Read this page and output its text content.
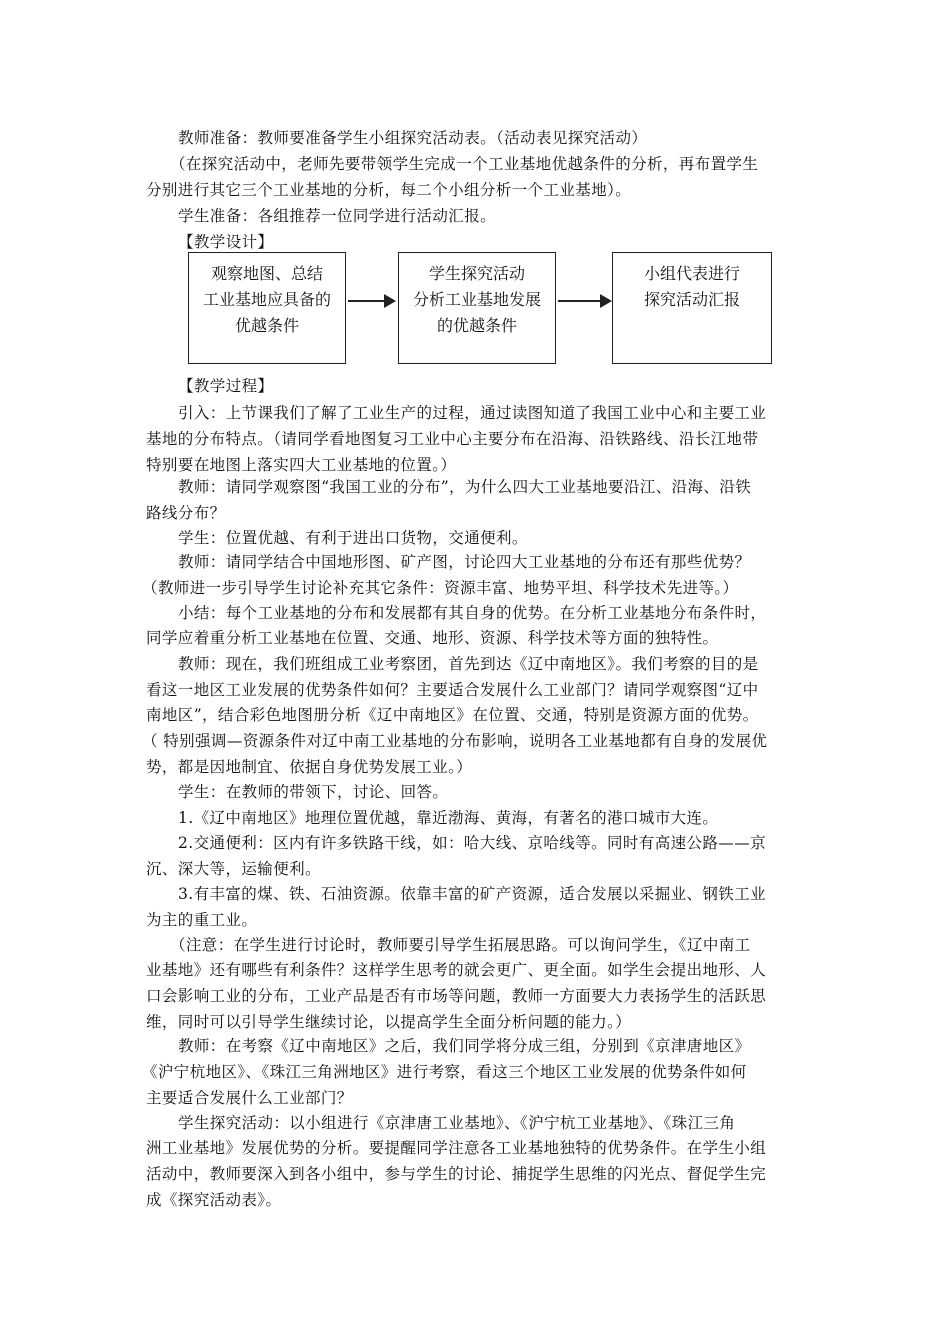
教师准备：教师要准备学生小组探究活动表。（活动表见探究活动）
（在探究活动中，老师先要带领学生完成一个工业基地优越条件的分析，再布置学生
分别进行其它三个工业基地的分析，每二个小组分析一个工业基地）。
学生准备：各组推荐一位同学进行活动汇报。
【教学设计】
观察地图、总结
工业基地应具备的
优越条件
学生探究活动
分析工业基地发展
的优越条件
小组代表进行
探究活动汇报
【教学过程】
引入：上节课我们了解了工业生产的过程，通过读图知道了我国工业中心和主要工业
基地的分布特点。（请同学看地图复习工业中心主要分布在沿海、沿铁路线、沿长江地带
特别要在地图上落实四大工业基地的位置。）
教师：请同学观察图“我国工业的分布”，为什么四大工业基地要沿江、沿海、沿铁
路线分布？
学生：位置优越、有利于进出口货物，交通便利。
教师：请同学结合中国地形图、矿产图，讨论四大工业基地的分布还有那些优势？
（教师进一步引导学生讨论补充其它条件：资源丰富、地势平坦、科学技术先进等。）
小结：每个工业基地的分布和发展都有其自身的优势。在分析工业基地分布条件时，
同学应着重分析工业基地在位置、交通、地形、资源、科学技术等方面的独特性。
教师：现在，我们班组成工业考察团，首先到达《辽中南地区》。我们考察的目的是
看这一地区工业发展的优势条件如何？主要适合发展什么工业部门？请同学观察图“辽中
南地区”，结合彩色地图册分析《辽中南地区》在位置、交通，特别是资源方面的优势。
（ 特别强调—资源条件对辽中南工业基地的分布影响，说明各工业基地都有自身的发展优
势，都是因地制宜、依据自身优势发展工业。）
学生：在教师的带领下，讨论、回答。
1.《辽中南地区》地理位置优越，靠近渤海、黄海，有著名的港口城市大连。
2.交通便利：区内有许多铁路干线，如：哈大线、京哈线等。同时有高速公路——京
沉、深大等，运输便利。
3.有丰富的煤、铁、石油资源。依靠丰富的矿产资源，适合发展以采掘业、钢铁工业
为主的重工业。
（注意：在学生进行讨论时，教师要引导学生拓展思路。可以询问学生，《辽中南工
业基地》还有哪些有利条件？这样学生思考的就会更广、更全面。如学生会提出地形、人
口会影响工业的分布，工业产品是否有市场等问题，教师一方面要大力表扬学生的活跃思
维，同时可以引导学生继续讨论，以提高学生全面分析问题的能力。）
教师：在考察《辽中南地区》之后，我们同学将分成三组，分别到《京津唐地区》
《沪宁杭地区》、《珠江三角洲地区》进行考察，看这三个地区工业发展的优势条件如何
主要适合发展什么工业部门？
学生探究活动：以小组进行《京津唐工业基地》、《沪宁杭工业基地》、《珠江三角
洲工业基地》发展优势的分析。要提醒同学注意各工业基地独特的优势条件。在学生小组
活动中，教师要深入到各小组中，参与学生的讨论、捕捉学生思维的闪光点、督促学生完
成《探究活动表》。
